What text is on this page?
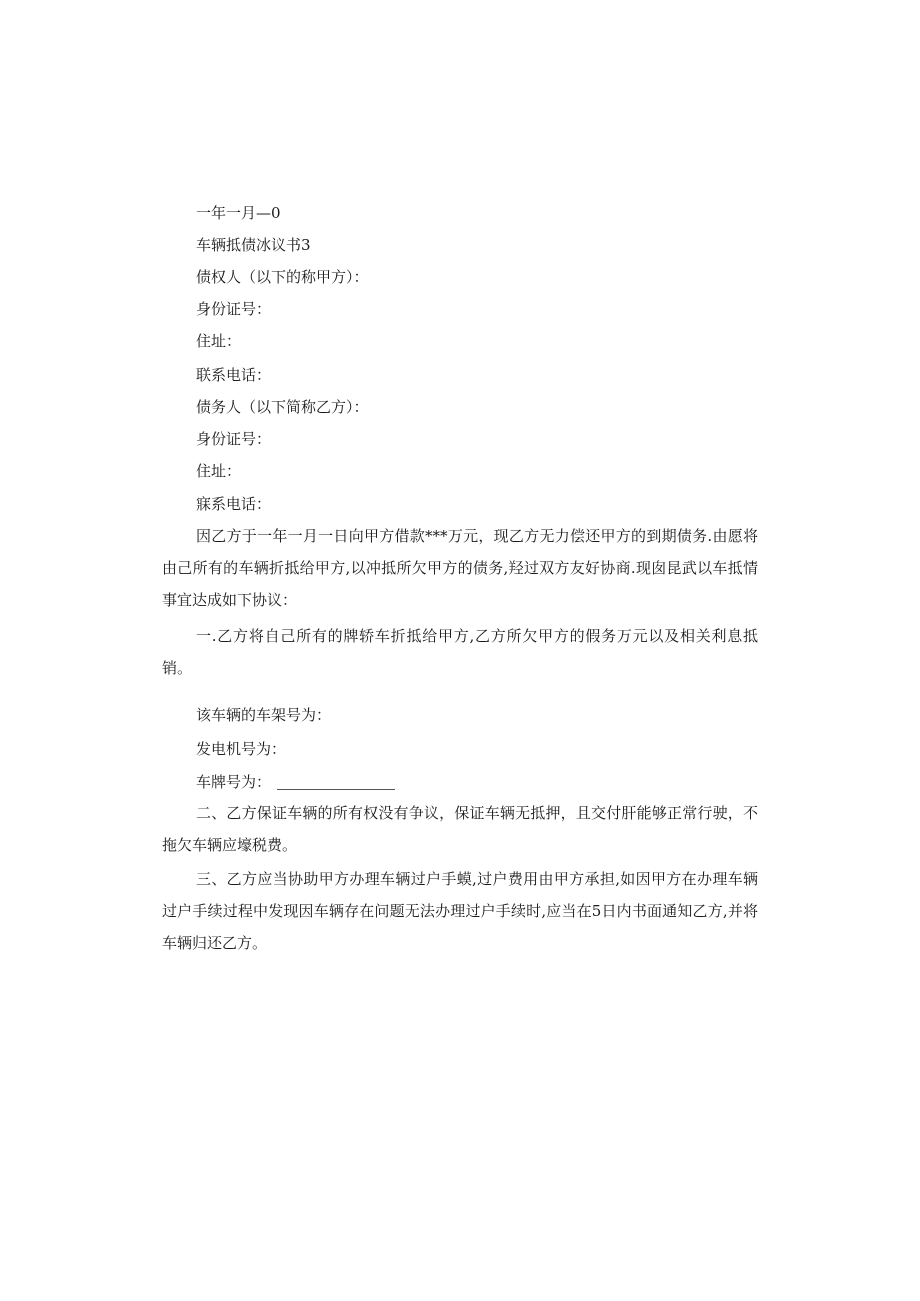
一年一月—0
车辆抵债冰议书3
债权人（以下的称甲方）：
身份证号：
住址：
联系电话：
债务人（以下简称乙方）：
身份证号：
住址：
寐系电话：
因乙方于一年一月一日向甲方借款***万元，现乙方无力偿还甲方的到期债务.由愿将由己所有的车辆折抵给甲方,以冲抵所欠甲方的债务,羟过双方友好协商.现囱昆武以车抵情事宜达成如下协议：
一.乙方将自己所有的牌轿车折抵给甲方,乙方所欠甲方的假务万元以及相关利息抵销。
该车辆的车架号为：
发电机号为：
车牌号为：
二、乙方保证车辆的所有权没有争议，保证车辆无抵押，且交付肝能够正常行驶，不拖欠车辆应壕税费。
三、乙方应当协助甲方办理车辆过户手蟆,过户费用由甲方承担,如因甲方在办理车辆过户手续过程中发现因车辆存在问题无法办理过户手续时,应当在5日内书面通知乙方,并将车辆归还乙方。
